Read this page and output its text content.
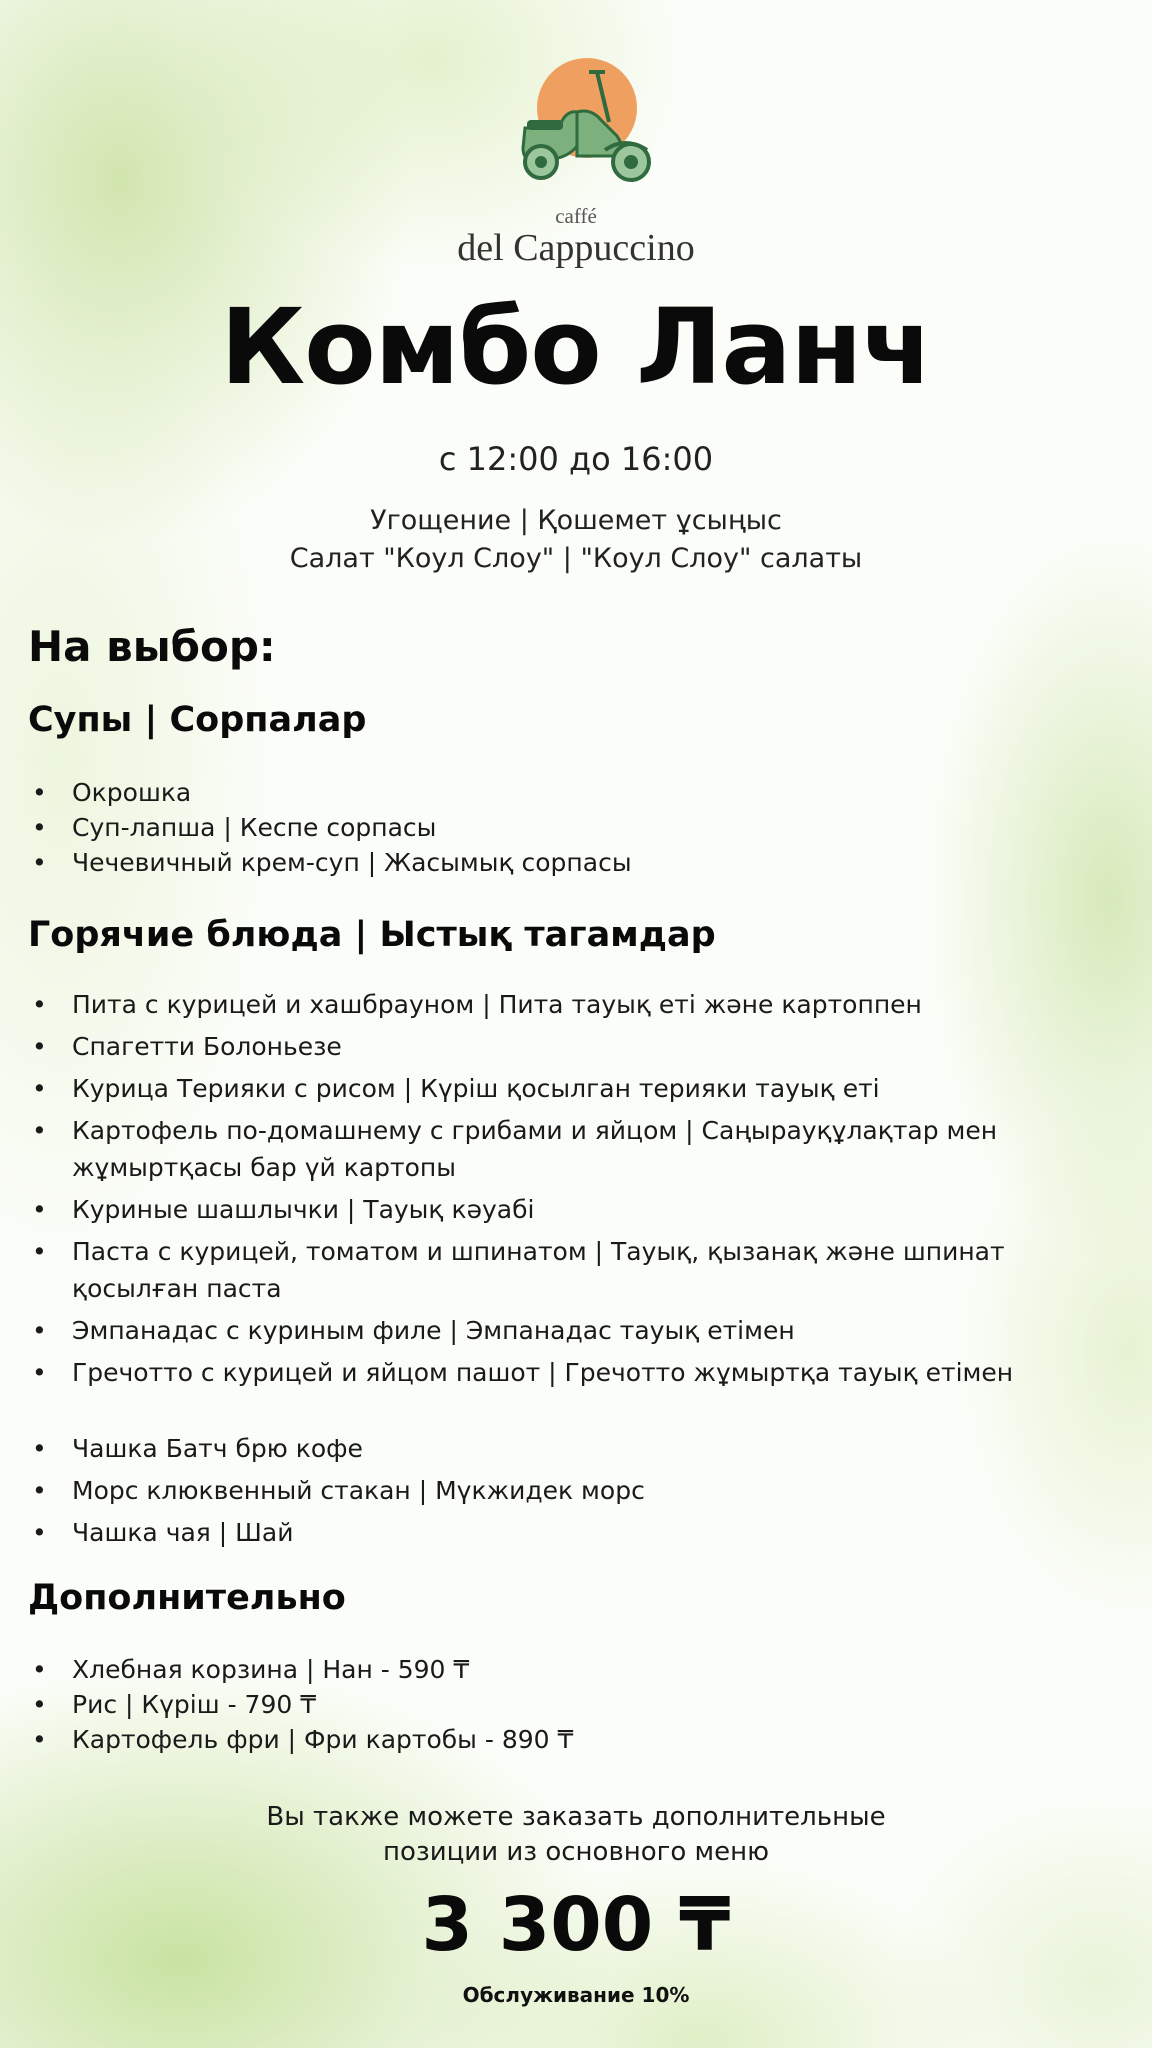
caffé
del Cappuccino
Комбо Ланч
с 12:00 до 16:00
Угощение | Қошемет ұсыңыс
Салат "Коул Слоу" | "Коул Слоу" салаты
На выбор:
Супы | Сорпалар
• Окрошка
• Суп-лапша | Кеспе сорпасы
• Чечевичный крем-суп | Жасымық сорпасы
Горячие блюда | Ыстық тагамдар
• Пита с курицей и хашбрауном | Пита тауық еті және картоппен
• Спагетти Болоньезе
• Курица Терияки с рисом | Күріш қосылган терияки тауық еті
• Картофель по-домашнему с грибами и яйцом | Саңырауқұлақтар мен жұмыртқасы бар үй картопы
• Куриные шашлычки | Тауық кәуабі
• Паста с курицей, томатом и шпинатом | Тауық, қызанақ және шпинат қосылған паста
• Эмпанадас с куриным филе | Эмпанадас тауық етімен
• Гречотто с курицей и яйцом пашот | Гречотто жұмыртқа тауық етімен
• Чашка Батч брю кофе
• Морс клюквенный стакан | Мүкжидек морс
• Чашка чая | Шай
Дополнительно
• Хлебная корзина | Нан - 590 ₸
• Рис | Күріш - 790 ₸
• Картофель фри | Фри картобы - 890 ₸
Вы также можете заказать дополнительные
позиции из основного меню
3 300 ₸
Обслуживание 10%
